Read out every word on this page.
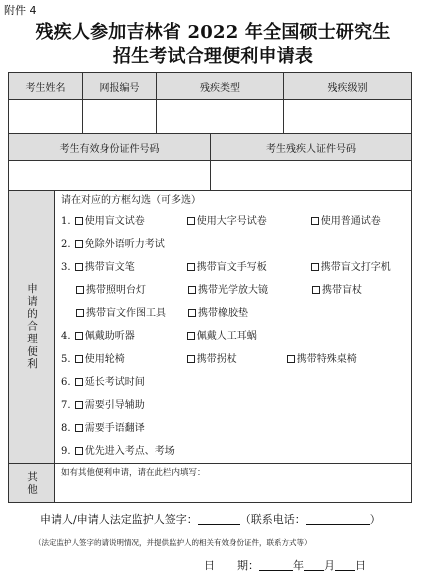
附件 4
残疾人参加吉林省 2022 年全国硕士研究生
招生考试合理便利申请表
考生姓名	网报编号	残疾类型	残疾级别
考生有效身份证件号码	考生残疾人证件号码
申请的合理便利
请在对应的方框勾选（可多选）
1. 使用盲文试卷	使用大字号试卷	使用普通试卷
2. 免除外语听力考试
3. 携带盲文笔	携带盲文手写板	携带盲文打字机
携带照明台灯	携带光学放大镜	携带盲杖
携带盲文作图工具	携带橡胶垫
4. 佩戴助听器	佩戴人工耳蜗
5. 使用轮椅	携带拐杖	携带特殊桌椅
6. 延长考试时间
7. 需要引导辅助
8. 需要手语翻译
9. 优先进入考点、考场
其他	如有其他便利申请，请在此栏内填写：
申请人/申请人法定监护人签字：	（联系电话：	）
（法定监护人签字的请说明情况，并提供监护人的相关有效身份证件，联系方式等）
日　　期：	年 月 日
